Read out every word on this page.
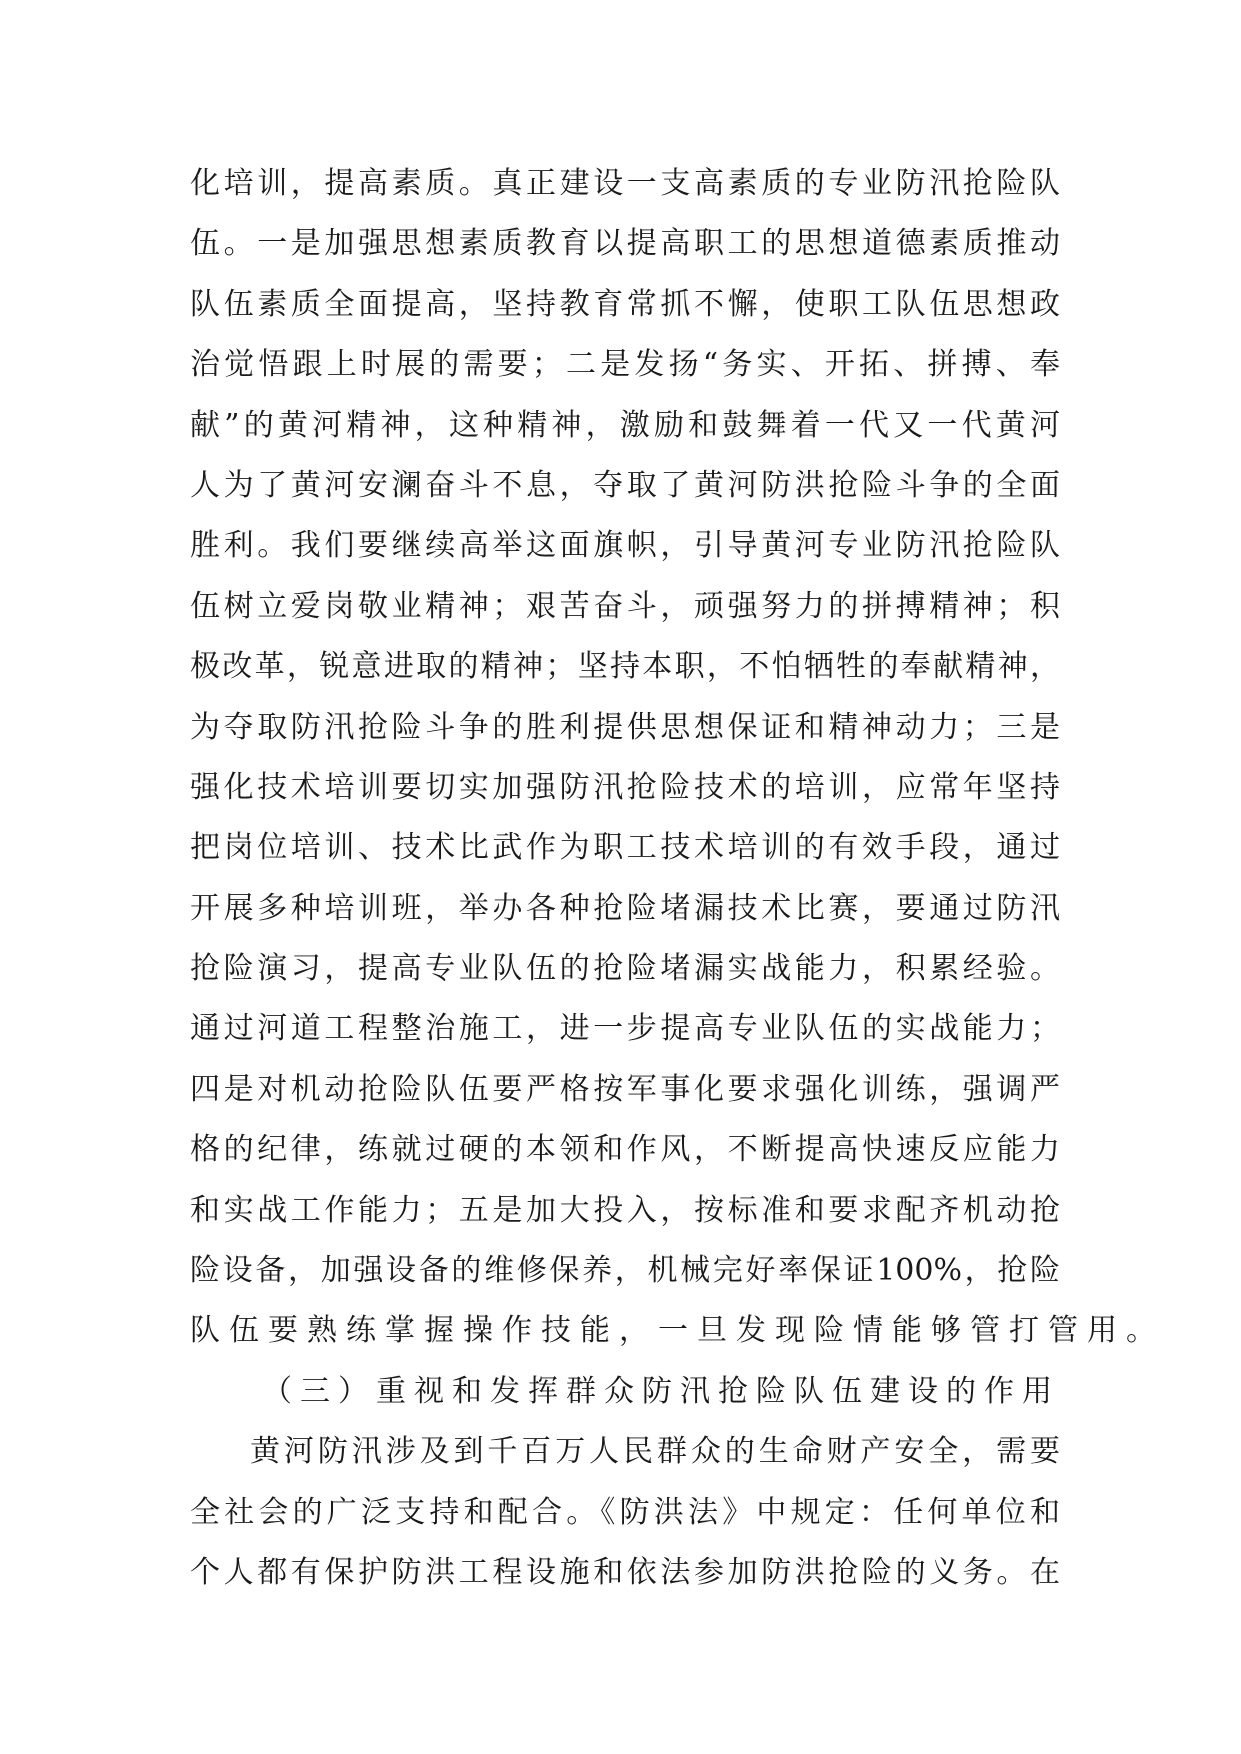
化培训，提高素质。真正建设一支高素质的专业防汛抢险队
伍。一是加强思想素质教育以提高职工的思想道德素质推动
队伍素质全面提高，坚持教育常抓不懈，使职工队伍思想政
治觉悟跟上时展的需要；二是发扬“务实、开拓、拼搏、奉
献”的黄河精神，这种精神，激励和鼓舞着一代又一代黄河
人为了黄河安澜奋斗不息，夺取了黄河防洪抢险斗争的全面
胜利。我们要继续高举这面旗帜，引导黄河专业防汛抢险队
伍树立爱岗敬业精神；艰苦奋斗，顽强努力的拼搏精神；积
极改革，锐意进取的精神；坚持本职，不怕牺牲的奉献精神，
为夺取防汛抢险斗争的胜利提供思想保证和精神动力；三是
强化技术培训要切实加强防汛抢险技术的培训，应常年坚持
把岗位培训、技术比武作为职工技术培训的有效手段，通过
开展多种培训班，举办各种抢险堵漏技术比赛，要通过防汛
抢险演习，提高专业队伍的抢险堵漏实战能力，积累经验。
通过河道工程整治施工，进一步提高专业队伍的实战能力；
四是对机动抢险队伍要严格按军事化要求强化训练，强调严
格的纪律，练就过硬的本领和作风，不断提高快速反应能力
和实战工作能力；五是加大投入，按标准和要求配齐机动抢
险设备，加强设备的维修保养，机械完好率保证100%，抢险
队伍要熟练掌握操作技能，一旦发现险情能够管打管用。
（三）重视和发挥群众防汛抢险队伍建设的作用
黄河防汛涉及到千百万人民群众的生命财产安全，需要
全社会的广泛支持和配合。《防洪法》中规定：任何单位和
个人都有保护防洪工程设施和依法参加防洪抢险的义务。在
